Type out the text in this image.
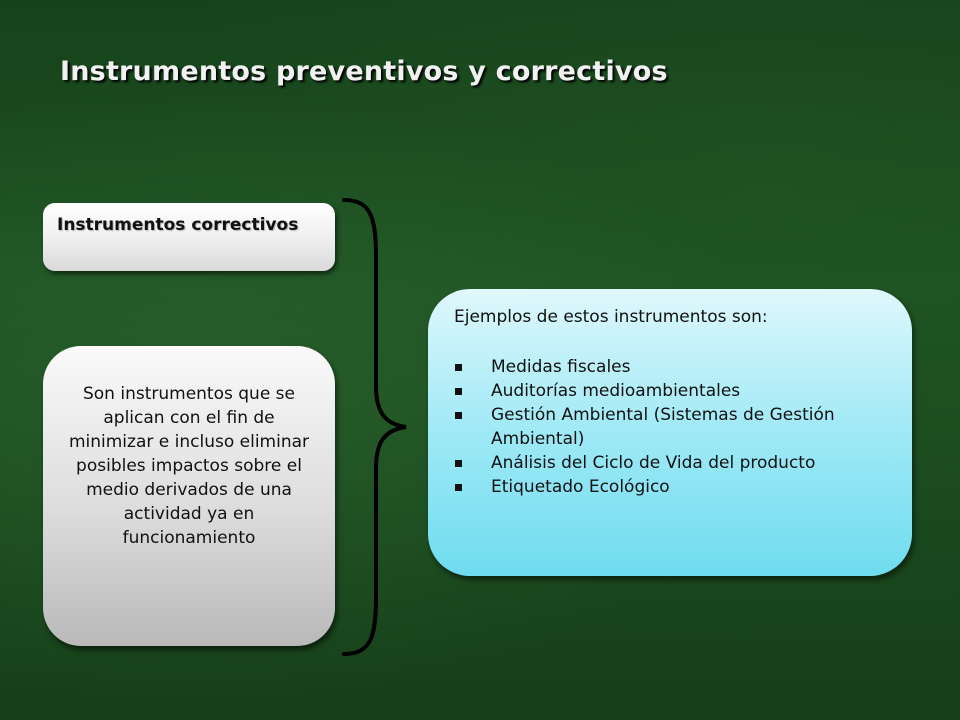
Instrumentos preventivos y correctivos
Instrumentos correctivos
Son instrumentos que se aplican con el fin de minimizar e incluso eliminar posibles impactos sobre el medio derivados de una actividad ya en funcionamiento

Ejemplos de estos instrumentos son:

Medidas fiscales
Auditorías medioambientales
Gestión Ambiental (Sistemas de Gestión Ambiental)
Análisis del Ciclo de Vida del producto
Etiquetado Ecológico
